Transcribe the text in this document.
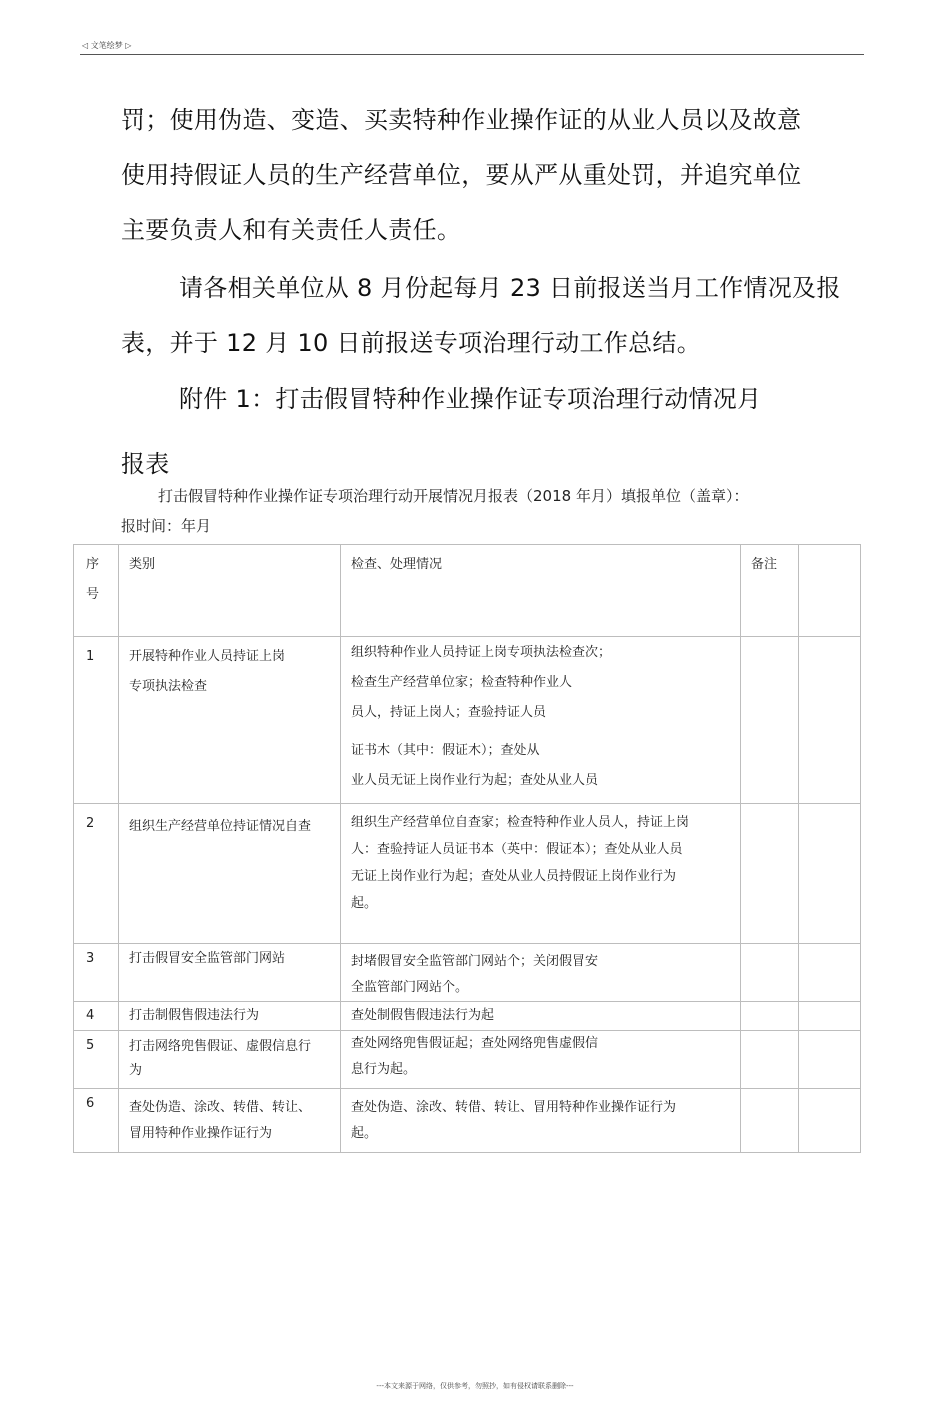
◁ 文笔绘梦 ▷

罚；使用伪造、变造、买卖特种作业操作证的从业人员以及故意

使用持假证人员的生产经营单位，要从严从重处罚，并追究单位

主要负责人和有关责任人责任。

请各相关单位从 8 月份起每月 23 日前报送当月工作情况及报

表，并于 12 月 10 日前报送专项治理行动工作总结。

附件 1：打击假冒特种作业操作证专项治理行动情况月

报表

打击假冒特种作业操作证专项治理行动开展情况月报表（2018 年月）填报单位（盖章）：

报时间：年月

序
号	类别	检查、处理情况	备注	
1	开展特种作业人员持证上岗
专项执法检查	组织特种作业人员持证上岗专项执法检查次；
检查生产经营单位家；检查特种作业人
员人，持证上岗人；查验持证人员
证书木（其中：假证木）；查处从
业人员无证上岗作业行为起；查处从业人员		

2	组织生产经营单位持证情况自查	组织生产经营单位自查家；检查特种作业人员人，持证上岗
人：查验持证人员证书本（英中：假证本）；查处从业人员
无证上岗作业行为起；查处从业人员持假证上岗作业行为
起。		

3	打击假冒安全监管部门网站	封堵假冒安全监管部门网站个；关闭假冒安
全监管部门网站个。		

4	打击制假售假违法行为	查处制假售假违法行为起		

5	打击网络兜售假证、虚假信息行
为	查处网络兜售假证起；查处网络兜售虚假信
息行为起。		

6	查处伪造、涂改、转借、转让、
冒用特种作业操作证行为	查处伪造、涂改、转借、转让、冒用特种作业操作证行为
起。		

---本文来源于网络，仅供参考，勿照抄，如有侵权请联系删除---
